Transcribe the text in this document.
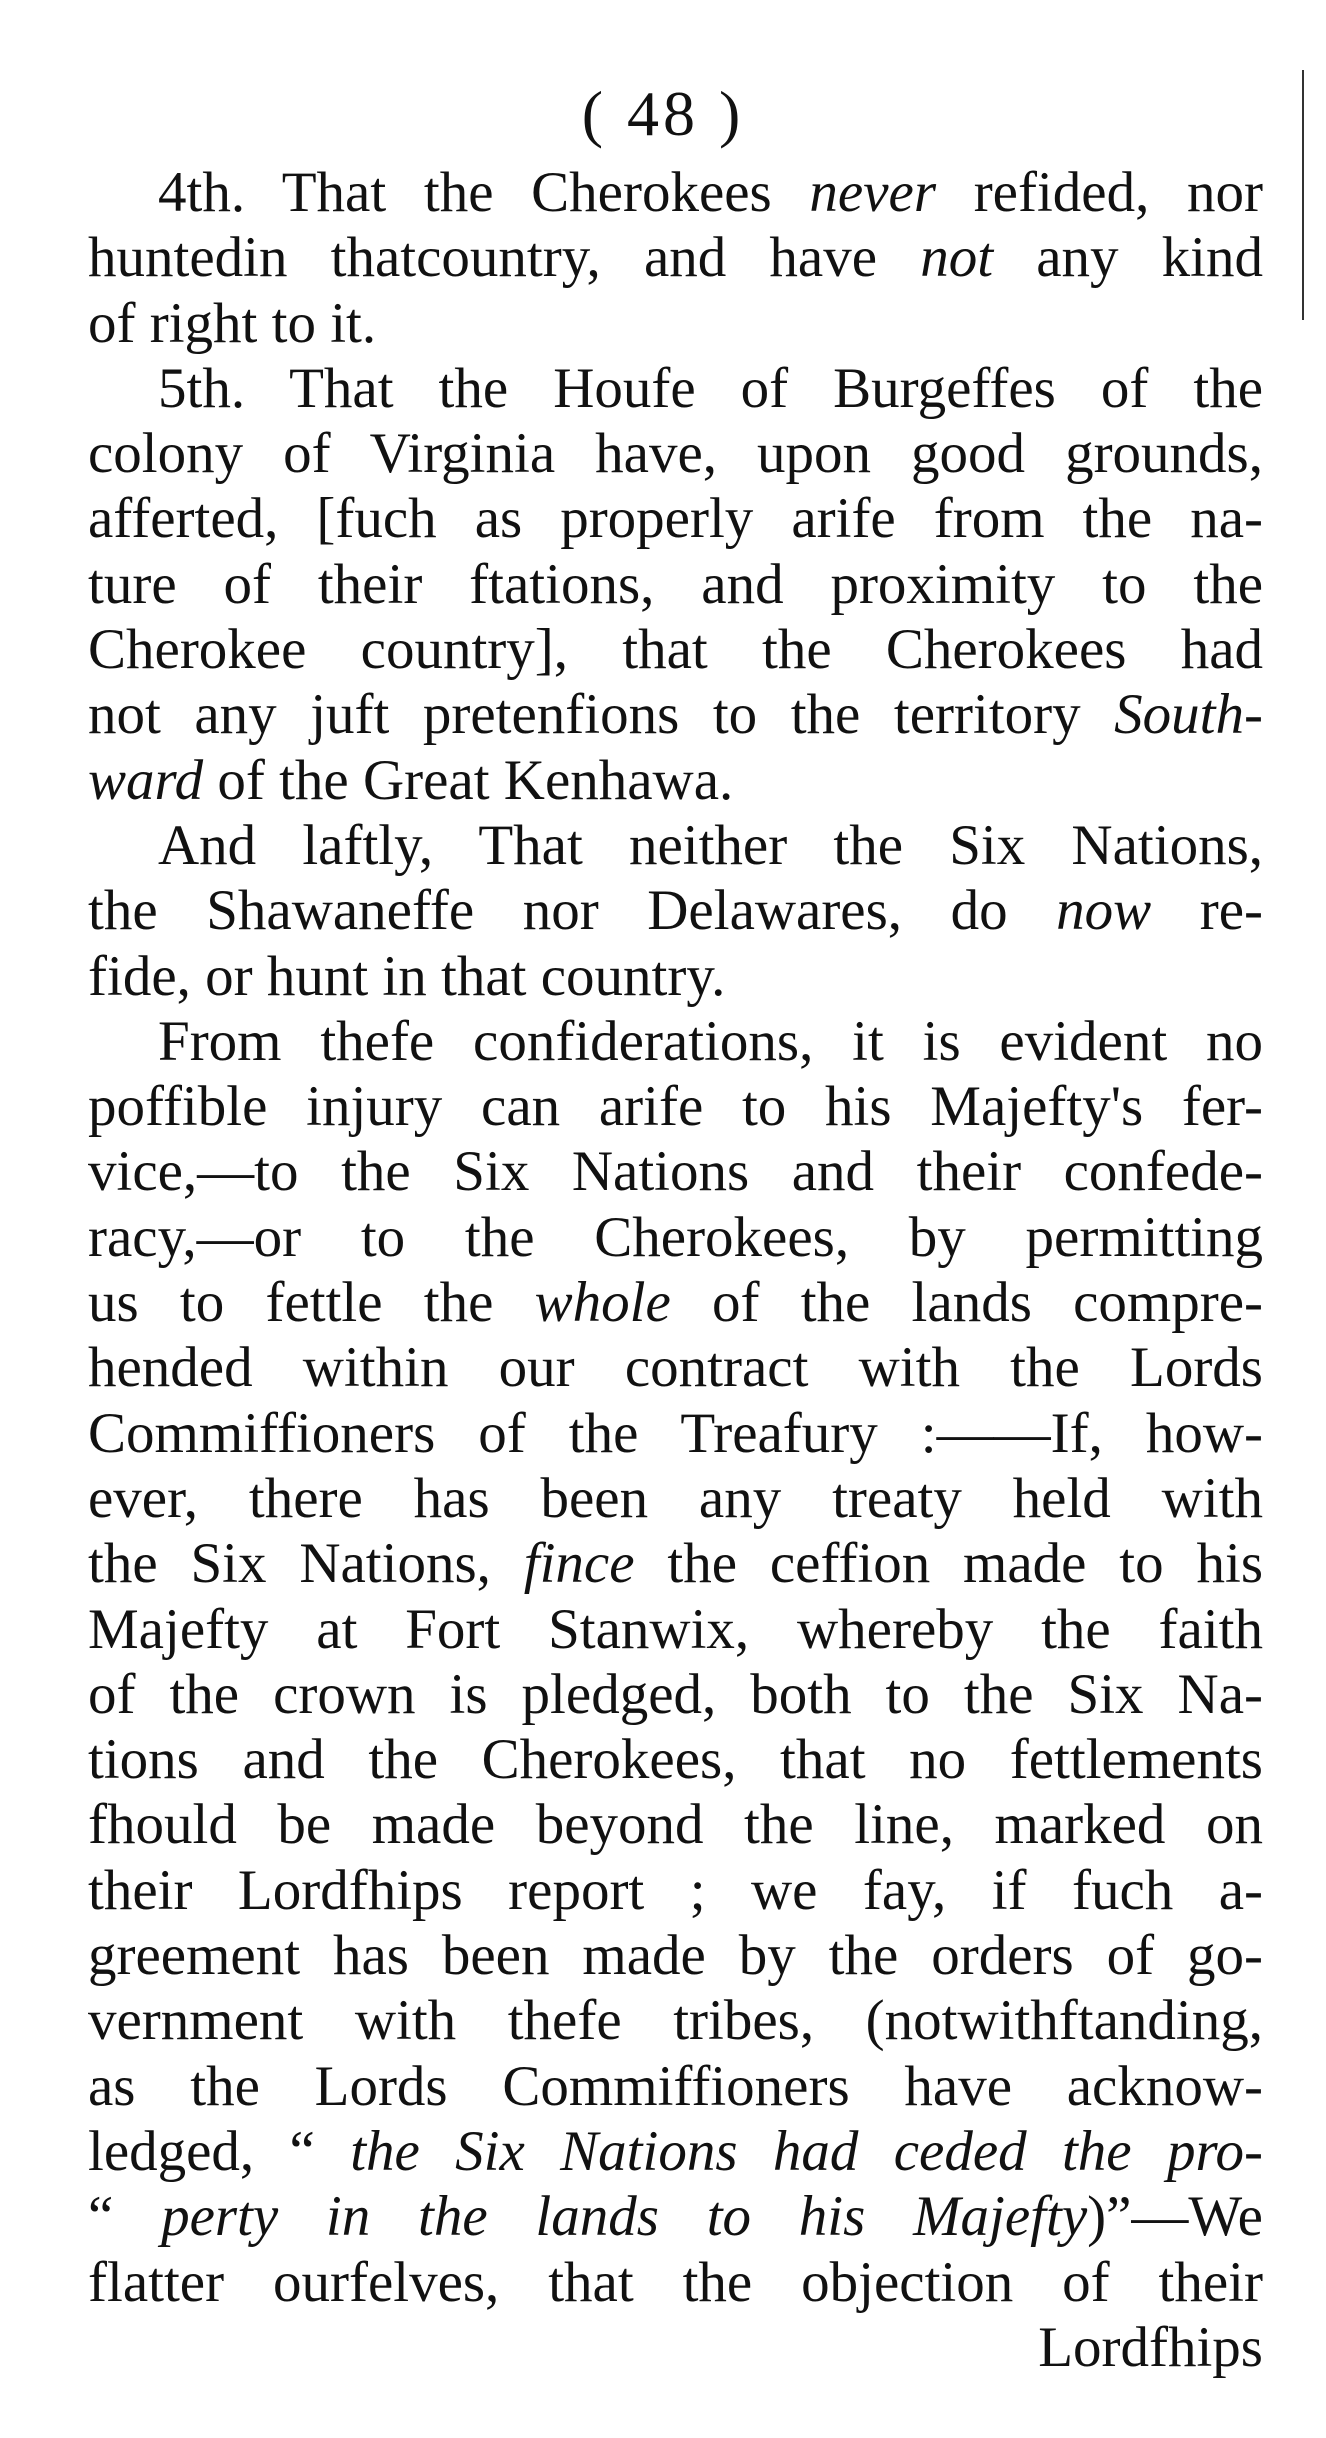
( 48 )
4th. That the Cherokees never refided, nor
huntedin thatcountry, and have not any kind
of right to it.
5th. That the Houfe of Burgeffes of the
colony of Virginia have, upon good grounds,
afferted, [fuch as properly arife from the na-
ture of their ftations, and proximity to the
Cherokee country], that the Cherokees had
not any juft pretenfions to the territory South-
ward of the Great Kenhawa.
And laftly, That neither the Six Nations,
the Shawaneffe nor Delawares, do now re-
fide, or hunt in that country.
From thefe confiderations, it is evident no
poffible injury can arife to his Majefty's fer-
vice,—to the Six Nations and their confede-
racy,—or to the Cherokees, by permitting
us to fettle the whole of the lands compre-
hended within our contract with the Lords
Commiffioners of the Treafury :——If, how-
ever, there has been any treaty held with
the Six Nations, fince the ceffion made to his
Majefty at Fort Stanwix, whereby the faith
of the crown is pledged, both to the Six Na-
tions and the Cherokees, that no fettlements
fhould be made beyond the line, marked on
their Lordfhips report ; we fay, if fuch a-
greement has been made by the orders of go-
vernment with thefe tribes, (notwithftanding,
as the Lords Commiffioners have acknow-
ledged, “ the Six Nations had ceded the pro-
“ perty in the lands to his Majefty)”—We
flatter ourfelves, that the objection of their
Lordfhips
